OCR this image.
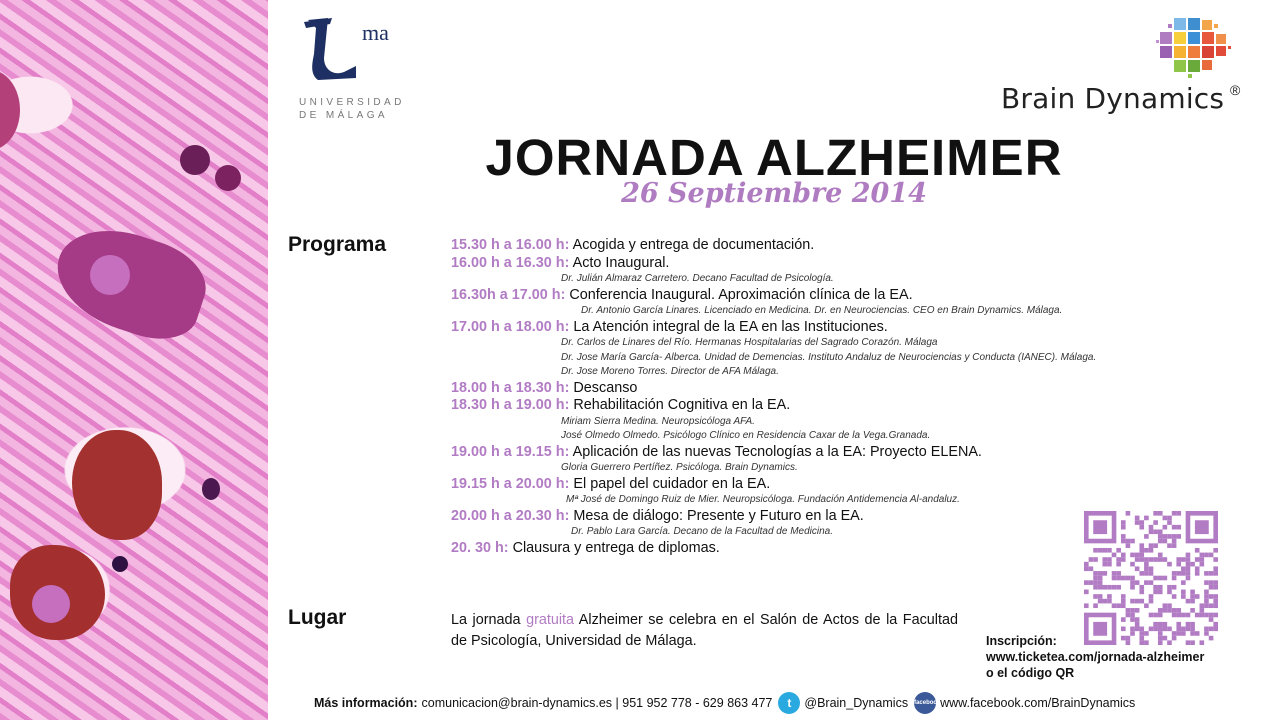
ma
UNIVERSIDAD
DE MÁLAGA
Brain Dynamics ®
JORNADA ALZHEIMER
26 Septiembre 2014
Programa
Lugar
15.30 h a 16.00 h: Acogida y entrega de documentación.
16.00 h a 16.30 h: Acto Inaugural.
Dr. Julián Almaraz Carretero. Decano Facultad de Psicología.
16.30h a 17.00 h: Conferencia Inaugural. Aproximación clínica de la EA.
Dr. Antonio García Linares. Licenciado en Medicina. Dr. en Neurociencias. CEO en Brain Dynamics. Málaga.
17.00 h a 18.00 h: La Atención integral de la EA en las Instituciones.
Dr. Carlos de Linares del Río. Hermanas Hospitalarias del Sagrado Corazón. Málaga
Dr. Jose María García- Alberca. Unidad de Demencias. Instituto Andaluz de Neurociencias y Conducta (IANEC). Málaga.
Dr. Jose Moreno Torres. Director de AFA Málaga.
18.00 h a 18.30 h: Descanso
18.30 h a 19.00 h: Rehabilitación Cognitiva en la EA.
Miriam Sierra Medina. Neuropsicóloga AFA.
José Olmedo Olmedo. Psicólogo Clínico en Residencia Caxar de la Vega.Granada.
19.00 h a 19.15 h: Aplicación de las nuevas Tecnologías a la EA: Proyecto ELENA.
Gloria Guerrero Pertíñez. Psicóloga. Brain Dynamics.
19.15 h a 20.00 h: El papel del cuidador en la EA.
Mª José de Domingo Ruiz de Mier. Neuropsicóloga. Fundación Antidemencia Al-andaluz.
20.00 h a 20.30 h: Mesa de diálogo: Presente y Futuro en la EA.
Dr. Pablo Lara García. Decano de la Facultad de Medicina.
20. 30 h: Clausura y entrega de diplomas.
La jornada gratuita Alzheimer se celebra en el Salón de Actos de la Facultad de Psicología, Universidad de Málaga.	Inscripción:
www.ticketea.com/jornada-alzheimer
o el código QR
Más información: comunicacion@brain-dynamics.es | 951 952 778 - 629 863 477	t	@Brain_Dynamics facebook www.facebook.com/BrainDynamics
